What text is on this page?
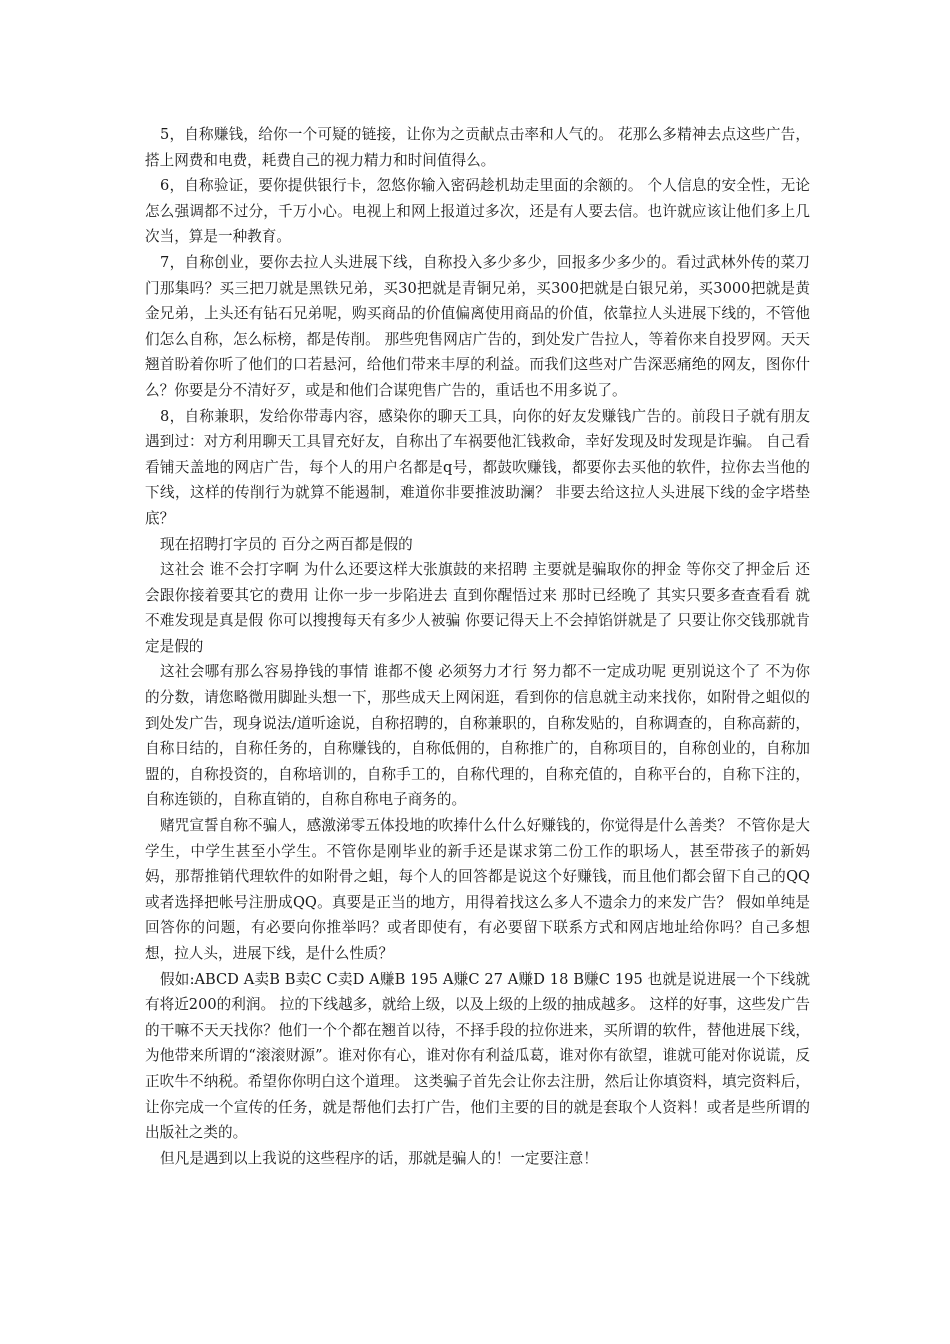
5，自称赚钱，给你一个可疑的链接，让你为之贡献点击率和人气的。 花那么多精神去点这些广告，搭上网费和电费，耗费自己的视力精力和时间值得么。

6，自称验证，要你提供银行卡，忽悠你输入密码趁机劫走里面的余额的。 个人信息的安全性，无论怎么强调都不过分，千万小心。电视上和网上报道过多次，还是有人要去信。也许就应该让他们多上几次当，算是一种教育。

7，自称创业，要你去拉人头进展下线，自称投入多少多少，回报多少多少的。看过武林外传的菜刀门那集吗？买三把刀就是黑铁兄弟，买30把就是青铜兄弟，买300把就是白银兄弟，买3000把就是黄金兄弟，上头还有钻石兄弟呢，购买商品的价值偏离使用商品的价值，依靠拉人头进展下线的，不管他们怎么自称，怎么标榜，都是传削。 那些兜售网店广告的，到处发广告拉人，等着你来自投罗网。天天翘首盼着你听了他们的口若悬河，给他们带来丰厚的利益。而我们这些对广告深恶痛绝的网友，图你什么？你要是分不清好歹，或是和他们合谋兜售广告的，重话也不用多说了。

8，自称兼职，发给你带毒内容，感染你的聊天工具，向你的好友发赚钱广告的。前段日子就有朋友遇到过：对方利用聊天工具冒充好友，自称出了车祸要他汇钱救命，幸好发现及时发现是诈骗。 自己看看铺天盖地的网店广告，每个人的用户名都是q号，都鼓吹赚钱，都要你去买他的软件，拉你去当他的下线，这样的传削行为就算不能遏制，难道你非要推波助澜？ 非要去给这拉人头进展下线的金字塔垫底？

现在招聘打字员的 百分之两百都是假的

这社会 谁不会打字啊 为什么还要这样大张旗鼓的来招聘 主要就是骗取你的押金 等你交了押金后 还会跟你接着要其它的费用 让你一步一步陷进去 直到你醒悟过来 那时已经晚了 其实只要多查查看看 就不难发现是真是假 你可以搜搜每天有多少人被骗 你要记得天上不会掉馅饼就是了 只要让你交钱那就肯定是假的

这社会哪有那么容易挣钱的事情 谁都不傻 必须努力才行 努力都不一定成功呢 更别说这个了 不为你的分数，请您略微用脚趾头想一下，那些成天上网闲逛，看到你的信息就主动来找你，如附骨之蛆似的到处发广告，现身说法/道听途说，自称招聘的，自称兼职的，自称发贴的，自称调查的，自称高薪的，自称日结的，自称任务的，自称赚钱的，自称低佣的，自称推广的，自称项目的，自称创业的，自称加盟的，自称投资的，自称培训的，自称手工的，自称代理的，自称充值的，自称平台的，自称下注的，自称连锁的，自称直销的，自称自称电子商务的。

赌咒宣誓自称不骗人，感激涕零五体投地的吹捧什么什么好赚钱的，你觉得是什么善类？ 不管你是大学生，中学生甚至小学生。不管你是刚毕业的新手还是谋求第二份工作的职场人，甚至带孩子的新妈妈，那帮推销代理软件的如附骨之蛆，每个人的回答都是说这个好赚钱，而且他们都会留下自己的QQ 或者选择把帐号注册成QQ。真要是正当的地方，用得着找这么多人不遗余力的来发广告？ 假如单纯是回答你的问题，有必要向你推举吗？或者即使有，有必要留下联系方式和网店地址给你吗？自己多想想，拉人头，进展下线，是什么性质？

假如:ABCD A卖B B卖C C卖D A赚B 195 A赚C 27 A赚D 18 B赚C 195 也就是说进展一个下线就有将近200的利润。 拉的下线越多，就给上级，以及上级的上级的抽成越多。 这样的好事，这些发广告的干嘛不天天找你？他们一个个都在翘首以待，不择手段的拉你进来，买所谓的软件，替他进展下线，为他带来所谓的“滚滚财源”。谁对你有心，谁对你有利益瓜葛，谁对你有欲望，谁就可能对你说谎，反正吹牛不纳税。希望你你明白这个道理。 这类骗子首先会让你去注册，然后让你填资料，填完资料后，让你完成一个宣传的任务，就是帮他们去打广告，他们主要的目的就是套取个人资料！或者是些所谓的出版社之类的。

但凡是遇到以上我说的这些程序的话，那就是骗人的！一定要注意！
